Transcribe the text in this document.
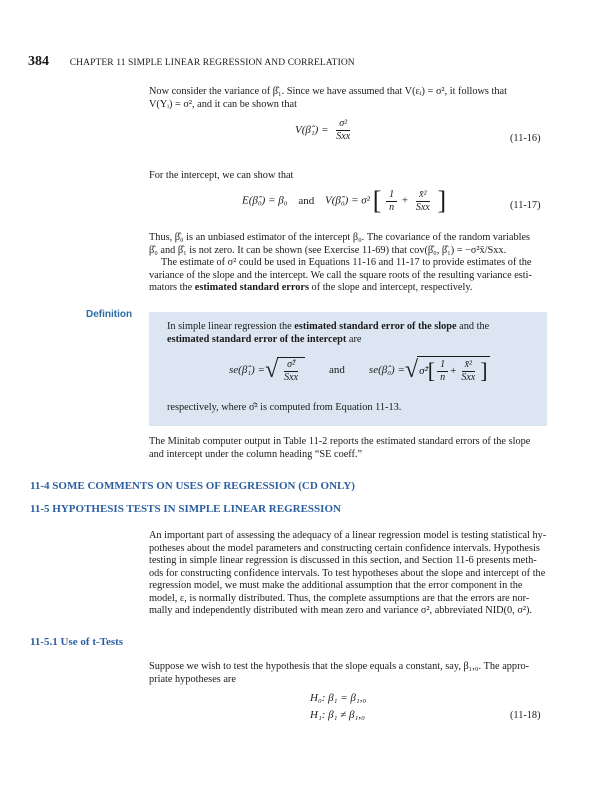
384 CHAPTER 11 SIMPLE LINEAR REGRESSION AND CORRELATION

Now consider the variance of β̂₁. Since we have assumed that V(εᵢ) = σ², it follows that

V(Yᵢ) = σ², and it can be shown that

V(β̂₁) = $\frac{\text{σ²}}{\text{Sxx}}$	(11-16)

For the intercept, we can show that

E(β̂₀) = β₀ and V(β̂₀) = σ² [ $\frac{1}{n} + \frac{\text{x̄²}}{\text{Sxx}}$ ]	(11-17)

Thus, β̂₀ is an unbiased estimator of the intercept β₀. The covariance of the random variables

β̂₀ and β̂₁ is not zero. It can be shown (see Exercise 11-69) that cov(β̂₀, β̂₁) = −σ²x̄/Sxx.

The estimate of σ² could be used in Equations 11-16 and 11-17 to provide estimates of the

variance of the slope and the intercept. We call the square roots of the resulting variance esti-

mators the estimated standard errors of the slope and intercept, respectively.

Definition

In simple linear regression the estimated standard error of the slope and the

estimated standard error of the intercept are

se(β̂₁) = √ $\frac{\text{σ̂²}}{\text{Sxx}}$	and se(β̂₀) = √ σ̂² [ $\frac{1}{n} + \frac{\text{x̄²}}{\text{Sxx}}$ ]

respectively, where σ̂² is computed from Equation 11-13.

The Minitab computer output in Table 11-2 reports the estimated standard errors of the slope

and intercept under the column heading “SE coeff.”

11-4 SOME COMMENTS ON USES OF REGRESSION (CD ONLY)
11-5 HYPOTHESIS TESTS IN SIMPLE LINEAR REGRESSION

An important part of assessing the adequacy of a linear regression model is testing statistical hy-

potheses about the model parameters and constructing certain confidence intervals. Hypothesis

testing in simple linear regression is discussed in this section, and Section 11-6 presents meth-

ods for constructing confidence intervals. To test hypotheses about the slope and intercept of the

regression model, we must make the additional assumption that the error component in the

model, ε, is normally distributed. Thus, the complete assumptions are that the errors are nor-

mally and independently distributed with mean zero and variance σ², abbreviated NID(0, σ²).

11-5.1 Use of t-Tests

Suppose we wish to test the hypothesis that the slope equals a constant, say, β₁,₀. The appro-

priate hypotheses are

H₀: β₁ = β₁,₀
H₁: β₁ ≠ β₁,₀	(11-18)
